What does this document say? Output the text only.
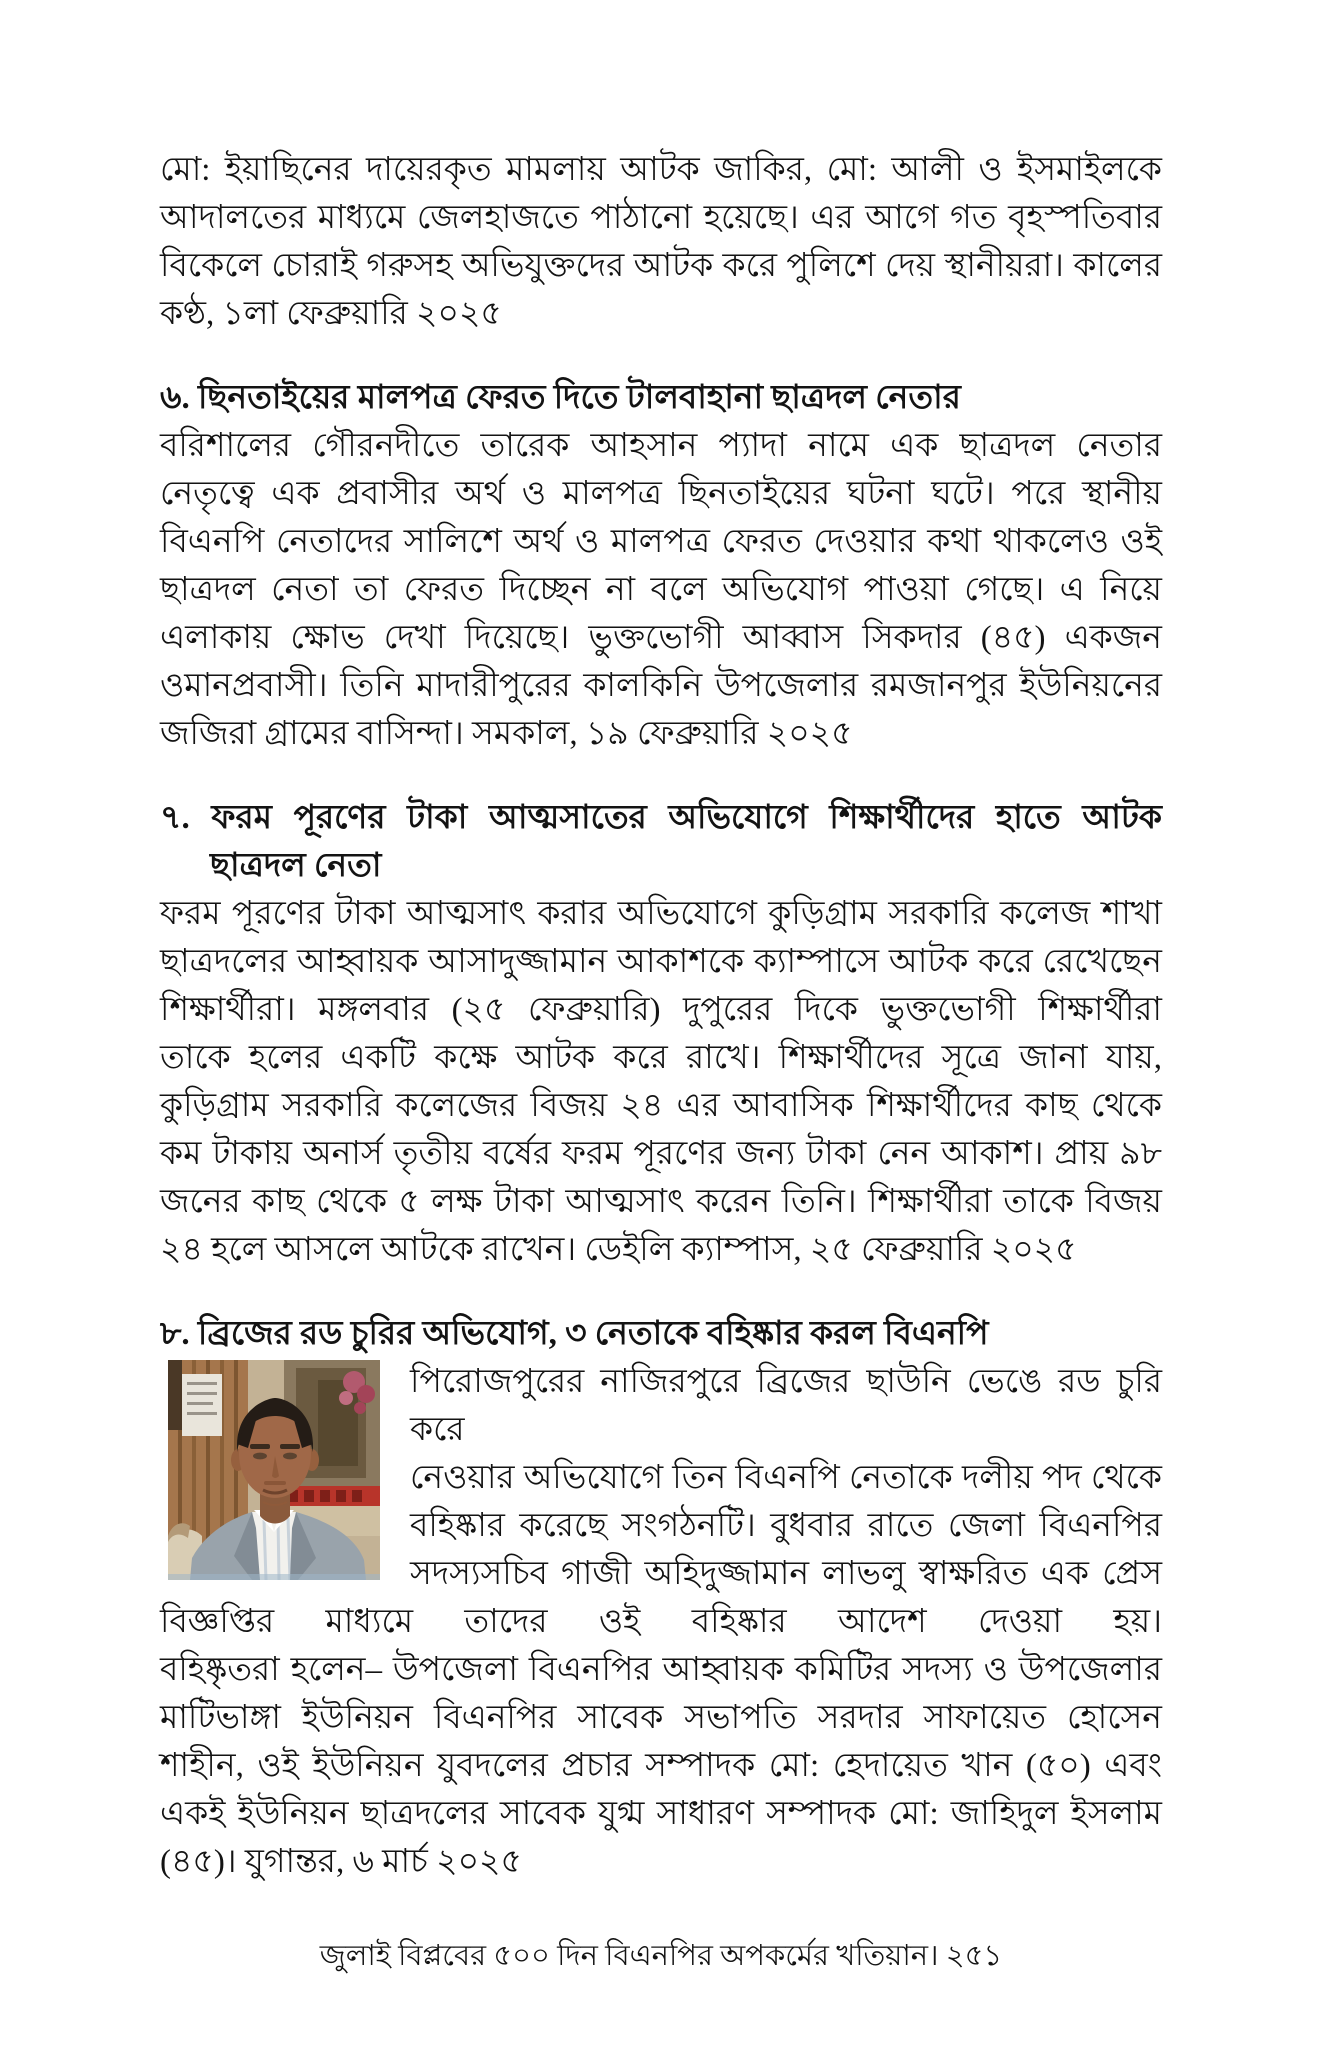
মো: ইয়াছিনের দায়েরকৃত মামলায় আটক জাকির, মো: আলী ও ইসমাইলকে
আদালতের মাধ্যমে জেলহাজতে পাঠানো হয়েছে। এর আগে গত বৃহস্পতিবার
বিকেলে চোরাই গরুসহ অভিযুক্তদের আটক করে পুলিশে দেয় স্থানীয়রা। কালের
কণ্ঠ, ১লা ফেব্রুয়ারি ২০২৫

৬. ছিনতাইয়ের মালপত্র ফেরত দিতে টালবাহানা ছাত্রদল নেতার

বরিশালের গৌরনদীতে তারেক আহসান প্যাদা নামে এক ছাত্রদল নেতার
নেতৃত্বে এক প্রবাসীর অর্থ ও মালপত্র ছিনতাইয়ের ঘটনা ঘটে। পরে স্থানীয়
বিএনপি নেতাদের সালিশে অর্থ ও মালপত্র ফেরত দেওয়ার কথা থাকলেও ওই
ছাত্রদল নেতা তা ফেরত দিচ্ছেন না বলে অভিযোগ পাওয়া গেছে। এ নিয়ে
এলাকায় ক্ষোভ দেখা দিয়েছে। ভুক্তভোগী আব্বাস সিকদার (৪৫) একজন
ওমানপ্রবাসী। তিনি মাদারীপুরের কালকিনি উপজেলার রমজানপুর ইউনিয়নের
জজিরা গ্রামের বাসিন্দা। সমকাল, ১৯ ফেব্রুয়ারি ২০২৫

৭. ফরম পূরণের টাকা আত্মসাতের অভিযোগে শিক্ষার্থীদের হাতে আটক
ছাত্রদল নেতা

ফরম পূরণের টাকা আত্মসাৎ করার অভিযোগে কুড়িগ্রাম সরকারি কলেজ শাখা
ছাত্রদলের আহ্বায়ক আসাদুজ্জামান আকাশকে ক্যাম্পাসে আটক করে রেখেছেন
শিক্ষার্থীরা। মঙ্গলবার (২৫ ফেব্রুয়ারি) দুপুরের দিকে ভুক্তভোগী শিক্ষার্থীরা
তাকে হলের একটি কক্ষে আটক করে রাখে। শিক্ষার্থীদের সূত্রে জানা যায়,
কুড়িগ্রাম সরকারি কলেজের বিজয় ২৪ এর আবাসিক শিক্ষার্থীদের কাছ থেকে
কম টাকায় অনার্স তৃতীয় বর্ষের ফরম পূরণের জন্য টাকা নেন আকাশ। প্রায় ৯৮
জনের কাছ থেকে ৫ লক্ষ টাকা আত্মসাৎ করেন তিনি। শিক্ষার্থীরা তাকে বিজয়
২৪ হলে আসলে আটকে রাখেন। ডেইলি ক্যাম্পাস, ২৫ ফেব্রুয়ারি ২০২৫

৮. ব্রিজের রড চুরির অভিযোগ, ৩ নেতাকে বহিষ্কার করল বিএনপি
পিরোজপুরের নাজিরপুরে ব্রিজের ছাউনি ভেঙে রড চুরি করে
নেওয়ার অভিযোগে তিন বিএনপি নেতাকে দলীয় পদ থেকে
বহিষ্কার করেছে সংগঠনটি। বুধবার রাতে জেলা বিএনপির
সদস্যসচিব গাজী অহিদুজ্জামান লাভলু স্বাক্ষরিত এক প্রেস
বিজ্ঞপ্তির মাধ্যমে তাদের ওই বহিষ্কার আদেশ দেওয়া হয়।
বহিষ্কৃতরা হলেন– উপজেলা বিএনপির আহ্বায়ক কমিটির সদস্য ও উপজেলার
মাটিভাঙ্গা ইউনিয়ন বিএনপির সাবেক সভাপতি সরদার সাফায়েত হোসেন
শাহীন, ওই ইউনিয়ন যুবদলের প্রচার সম্পাদক মো: হেদায়েত খান (৫০) এবং
একই ইউনিয়ন ছাত্রদলের সাবেক যুগ্ম সাধারণ সম্পাদক মো: জাহিদুল ইসলাম
(৪৫)। যুগান্তর, ৬ মার্চ ২০২৫
জুলাই বিপ্লবের ৫০০ দিন বিএনপির অপকর্মের খতিয়ান। ২৫১
